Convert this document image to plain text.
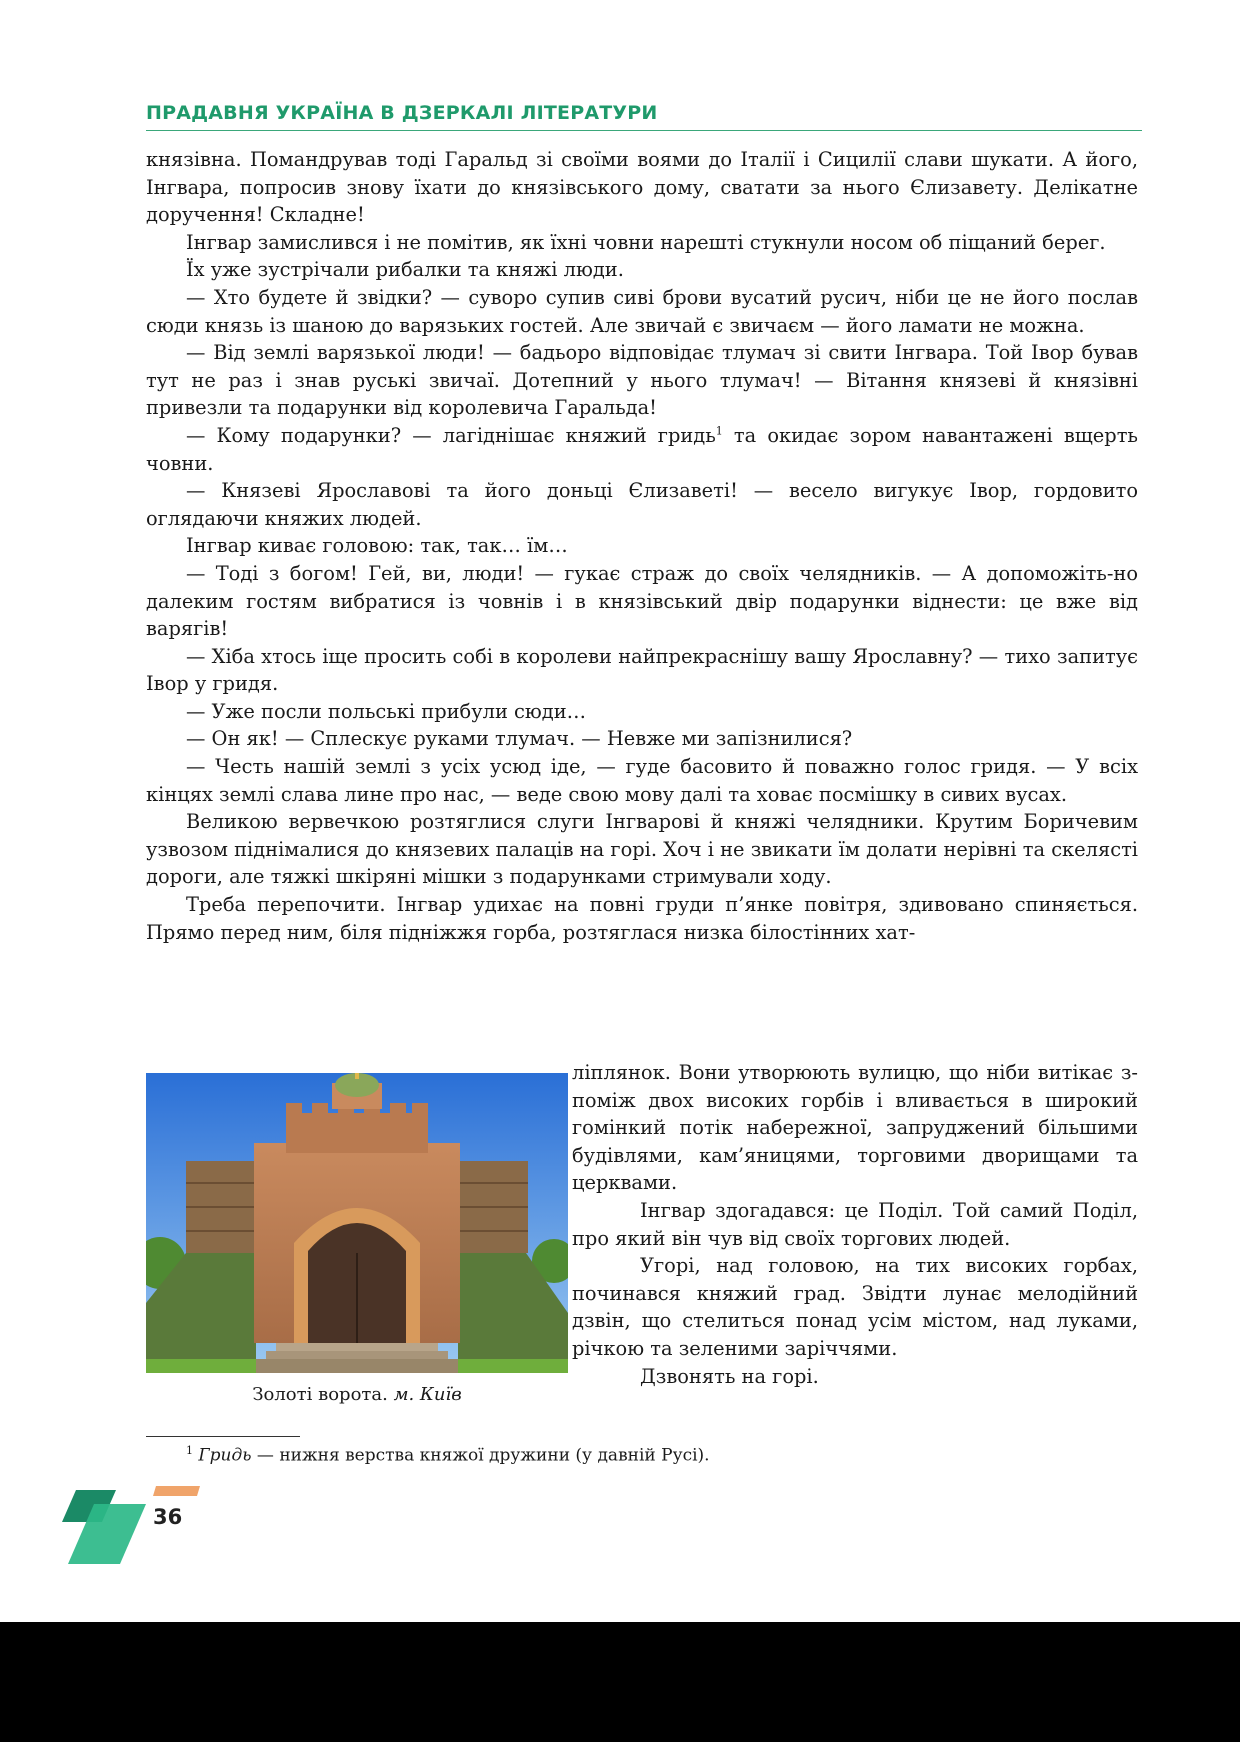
ПРАДАВНЯ УКРАЇНА В ДЗЕРКАЛІ ЛІТЕРАТУРИ

князівна. Помандрував тоді Гаральд зі своїми воями до Італії і Сицилії слави шукати. А його, Інгвара, попросив знову їхати до князівського дому, сватати за нього Єлизавету. Делікатне доручення! Складне!

Інгвар замислився і не помітив, як їхні човни нарешті стукнули носом об піщаний берег.

Їх уже зустрічали рибалки та княжі люди.

— Хто будете й звідки? — суворо супив сиві брови вусатий русич, ніби це не його послав сюди князь із шаною до варязьких гостей. Але звичай є звичаєм — його ламати не можна.

— Від землі варязької люди! — бадьоро відповідає тлумач зі свити Інгвара. Той Івор бував тут не раз і знав руські звичаї. Дотепний у нього тлумач! — Вітання князеві й князівні привезли та подарунки від королевича Гаральда!

— Кому подарунки? — лагіднішає княжий гридь$^1$ та окидає зором навантажені вщерть човни.

— Князеві Ярославові та його доньці Єлизаветі! — весело вигукує Івор, гордовито оглядаючи княжих людей.

Інгвар киває головою: так, так… їм…

— Тоді з богом! Гей, ви, люди! — гукає страж до своїх челядників. — А допоможіть-но далеким гостям вибратися із човнів і в князівський двір подарунки віднести: це вже від варягів!

— Хіба хтось іще просить собі в королеви найпрекраснішу вашу Ярославну? — тихо запитує Івор у гридя.

— Уже посли польські прибули сюди…

— Он як! — Сплескує руками тлумач. — Невже ми запізнилися?

— Честь нашій землі з усіх усюд іде, — гуде басовито й поважно голос гридя. — У всіх кінцях землі слава лине про нас, — веде свою мову далі та ховає посмішку в сивих вусах.

Великою вервечкою розтяглися слуги Інгварові й княжі челядники. Крутим Боричевим узвозом піднімалися до князевих палаців на горі. Хоч і не звикати їм долати нерівні та скелясті дороги, але тяжкі шкіряні мішки з подарунками стримували ходу.

Треба перепочити. Інгвар удихає на повні груди п’янке повітря, здивовано спиняється. Прямо перед ним, біля підніжжя горба, розтяглася низка білостінних хат-

Золоті ворота. м. Київ

ліплянок. Вони утворюють вулицю, що ніби витікає з-поміж двох високих горбів і вливається в широкий гомінкий потік набережної, запруджений більшими будівлями, кам’яницями, торговими дворищами та церквами.

Інгвар здогадався: це Поділ. Той самий Поділ, про який він чув від своїх торгових людей.

Угорі, над головою, на тих високих горбах, починався княжий град. Звідти лунає мелодійний дзвін, що стелиться понад усім містом, над луками, річкою та зеленими заріччями.

Дзвонять на горі.

$^1$ Гридь — нижня верства княжої дружини (у давній Русі).
36
